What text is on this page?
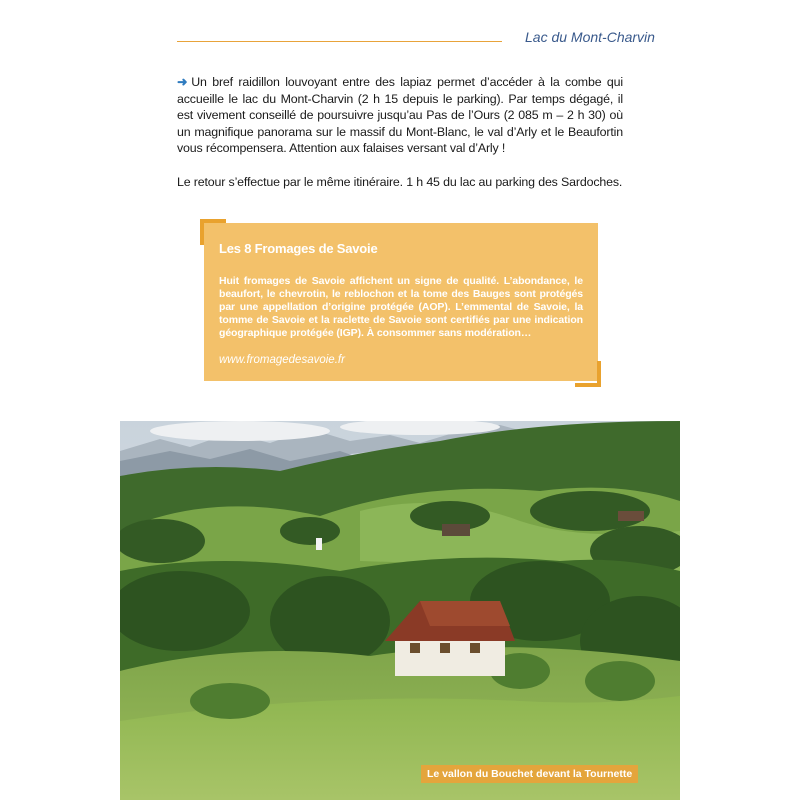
Lac du Mont-Charvin

➜ Un bref raidillon louvoyant entre des lapiaz permet d’accéder à la combe qui accueille le lac du Mont-Charvin (2 h 15 depuis le parking). Par temps dégagé, il est vivement conseillé de poursuivre jusqu’au Pas de l’Ours (2 085 m – 2 h 30) où un magnifique panorama sur le massif du Mont-Blanc, le val d’Arly et le Beaufortin vous récompensera. Attention aux falaises versant val d’Arly !

Le retour s’effectue par le même itinéraire. 1 h 45 du lac au parking des Sardoches.

Les 8 Fromages de Savoie
Huit fromages de Savoie affichent un signe de qualité. L’abondance, le beaufort, le chevrotin, le reblochon et la tome des Bauges sont protégés par une appellation d’origine protégée (AOP). L’emmental de Savoie, la tomme de Savoie et la raclette de Savoie sont certifiés par une indication géographique protégée (IGP). À consommer sans modération…
www.fromagedesavoie.fr
Le vallon du Bouchet devant la Tournette
